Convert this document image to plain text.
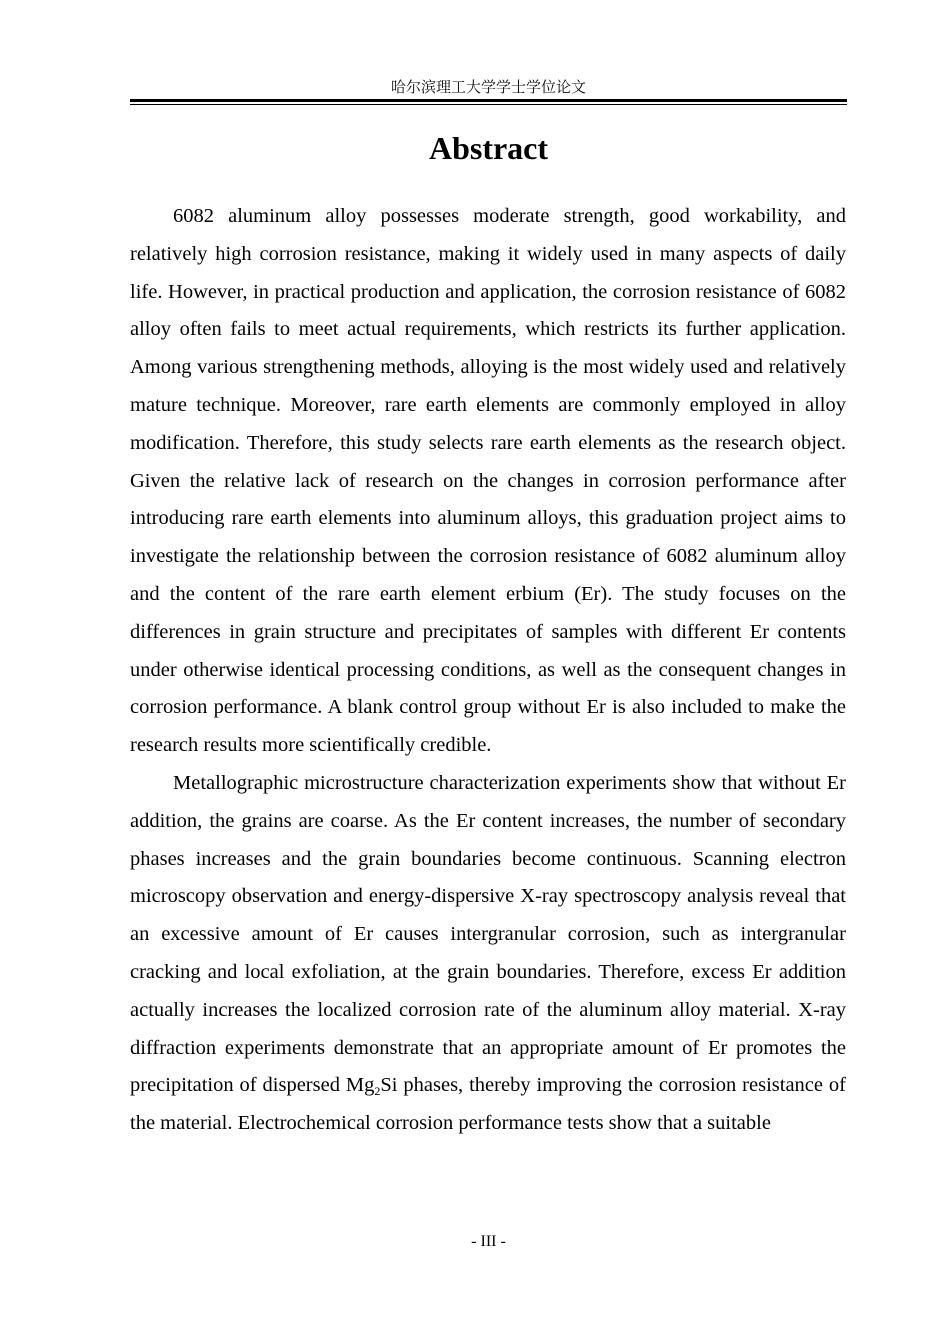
哈尔滨理工大学学士学位论文
Abstract

6082 aluminum alloy possesses moderate strength, good workability, and relatively high corrosion resistance, making it widely used in many aspects of daily life. However, in practical production and application, the corrosion resistance of 6082 alloy often fails to meet actual requirements, which restricts its further application. Among various strengthening methods, alloying is the most widely used and relatively mature technique. Moreover, rare earth elements are commonly employed in alloy modification. Therefore, this study selects rare earth elements as the research object. Given the relative lack of research on the changes in corrosion performance after introducing rare earth elements into aluminum alloys, this graduation project aims to investigate the relationship between the corrosion resistance of 6082 aluminum alloy and the content of the rare earth element erbium (Er). The study focuses on the differences in grain structure and precipitates of samples with different Er contents under otherwise identical processing conditions, as well as the consequent changes in corrosion performance. A blank control group without Er is also included to make the research results more scientifically credible.

Metallographic microstructure characterization experiments show that without Er addition, the grains are coarse. As the Er content increases, the number of secondary phases increases and the grain boundaries become continuous. Scanning electron microscopy observation and energy-dispersive X-ray spectroscopy analysis reveal that an excessive amount of Er causes intergranular corrosion, such as intergranular cracking and local exfoliation, at the grain boundaries. Therefore, excess Er addition actually increases the localized corrosion rate of the aluminum alloy material. X-ray diffraction experiments demonstrate that an appropriate amount of Er promotes the precipitation of dispersed $Mg_2Si$ phases, thereby improving the corrosion resistance of the material. Electrochemical corrosion performance tests show that a suitable

- III -
